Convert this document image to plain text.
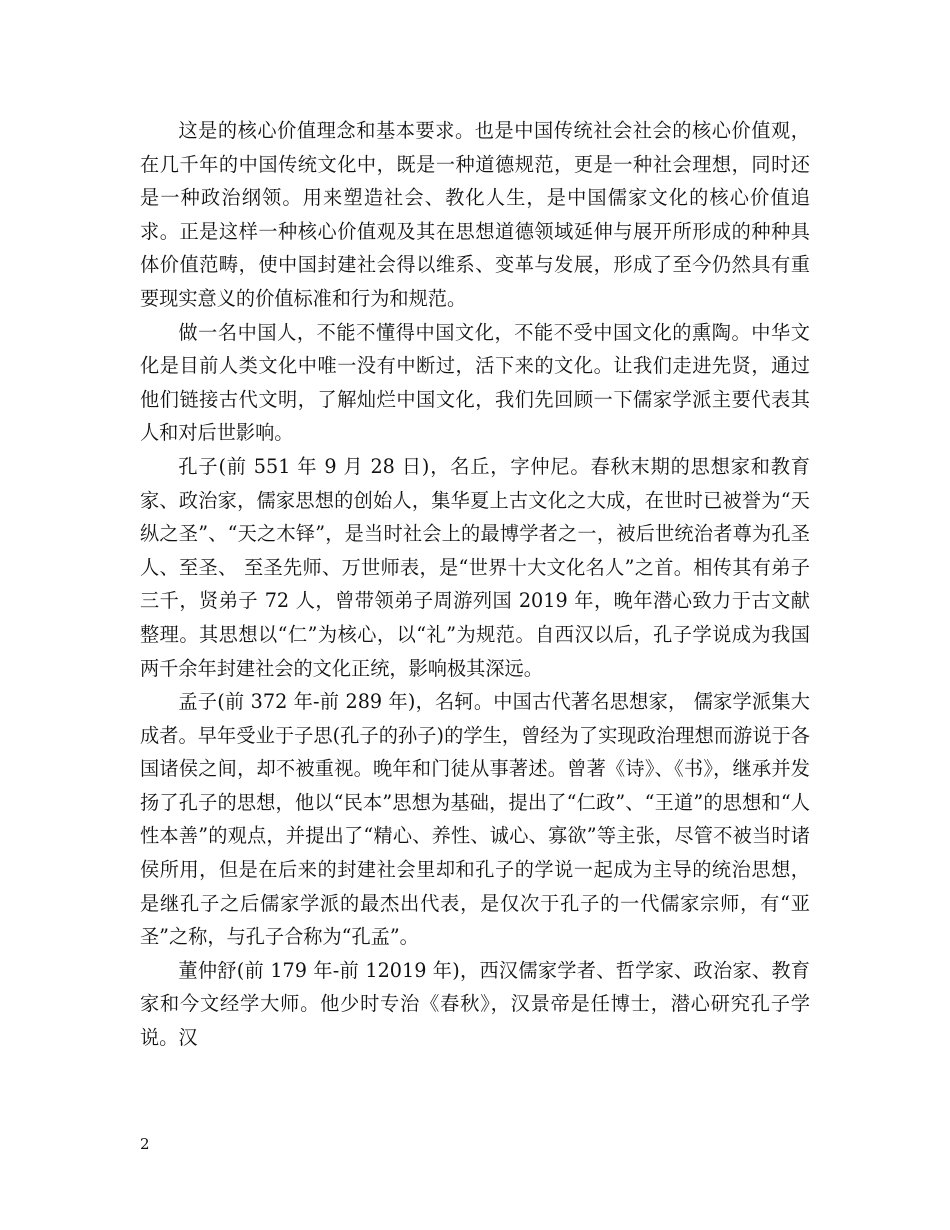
这是的核心价值理念和基本要求。也是中国传统社会社会的核心价值观，在几千年的中国传统文化中，既是一种道德规范，更是一种社会理想，同时还是一种政治纲领。用来塑造社会、教化人生，是中国儒家文化的核心价值追求。正是这样一种核心价值观及其在思想道德领域延伸与展开所形成的种种具体价值范畴，使中国封建社会得以维系、变革与发展，形成了至今仍然具有重要现实意义的价值标准和行为和规范。

做一名中国人，不能不懂得中国文化，不能不受中国文化的熏陶。中华文化是目前人类文化中唯一没有中断过，活下来的文化。让我们走进先贤，通过他们链接古代文明，了解灿烂中国文化，我们先回顾一下儒家学派主要代表其人和对后世影响。

孔子(前 551 年 9 月 28 日)，名丘，字仲尼。春秋末期的思想家和教育家、政治家，儒家思想的创始人，集华夏上古文化之大成，在世时已被誉为“天纵之圣”、“天之木铎”，是当时社会上的最博学者之一，被后世统治者尊为孔圣人、至圣、 至圣先师、万世师表，是“世界十大文化名人”之首。相传其有弟子三千，贤弟子 72 人，曾带领弟子周游列国 2019 年，晚年潜心致力于古文献整理。其思想以“仁”为核心，以“礼”为规范。自西汉以后，孔子学说成为我国两千余年封建社会的文化正统，影响极其深远。

孟子(前 372 年-前 289 年)，名轲。中国古代著名思想家， 儒家学派集大成者。早年受业于子思(孔子的孙子)的学生，曾经为了实现政治理想而游说于各国诸侯之间，却不被重视。晚年和门徒从事著述。曾著《诗》、《书》，继承并发扬了孔子的思想，他以“民本”思想为基础，提出了“仁政”、“王道”的思想和“人性本善”的观点，并提出了“精心、养性、诚心、寡欲”等主张，尽管不被当时诸侯所用，但是在后来的封建社会里却和孔子的学说一起成为主导的统治思想，是继孔子之后儒家学派的最杰出代表，是仅次于孔子的一代儒家宗师，有“亚圣”之称，与孔子合称为“孔孟”。

董仲舒(前 179 年-前 12019 年)，西汉儒家学者、哲学家、政治家、教育家和今文经学大师。他少时专治《春秋》，汉景帝是任博士，潜心研究孔子学说。汉

2
